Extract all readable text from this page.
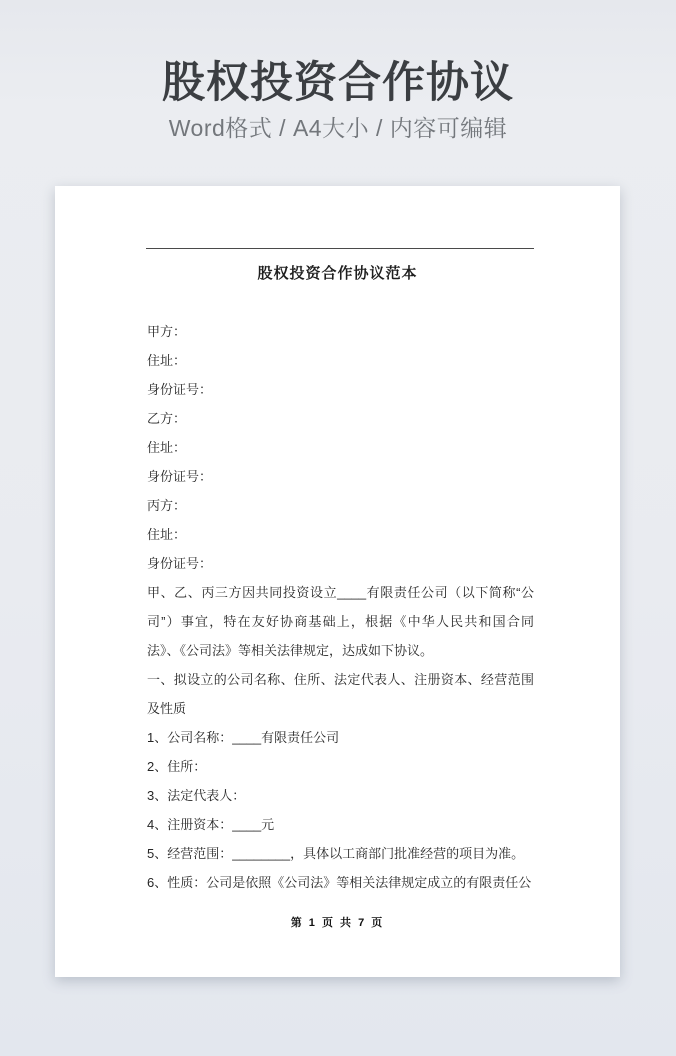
股权投资合作协议
Word格式 / A4大小 / 内容可编辑
股权投资合作协议范本

甲方：

住址：

身份证号：

乙方：

住址：

身份证号：

丙方：

住址：

身份证号：

甲、乙、丙三方因共同投资设立____有限责任公司（以下简称“公司”）事宜，特在友好协商基础上，根据《中华人民共和国合同法》、《公司法》等相关法律规定，达成如下协议。

一、拟设立的公司名称、住所、法定代表人、注册资本、经营范围及性质

1、公司名称：____有限责任公司

2、住所：

3、法定代表人：

4、注册资本：____元

5、经营范围：________，具体以工商部门批准经营的项目为准。

6、性质：公司是依照《公司法》等相关法律规定成立的有限责任公

第 1 页 共 7 页
